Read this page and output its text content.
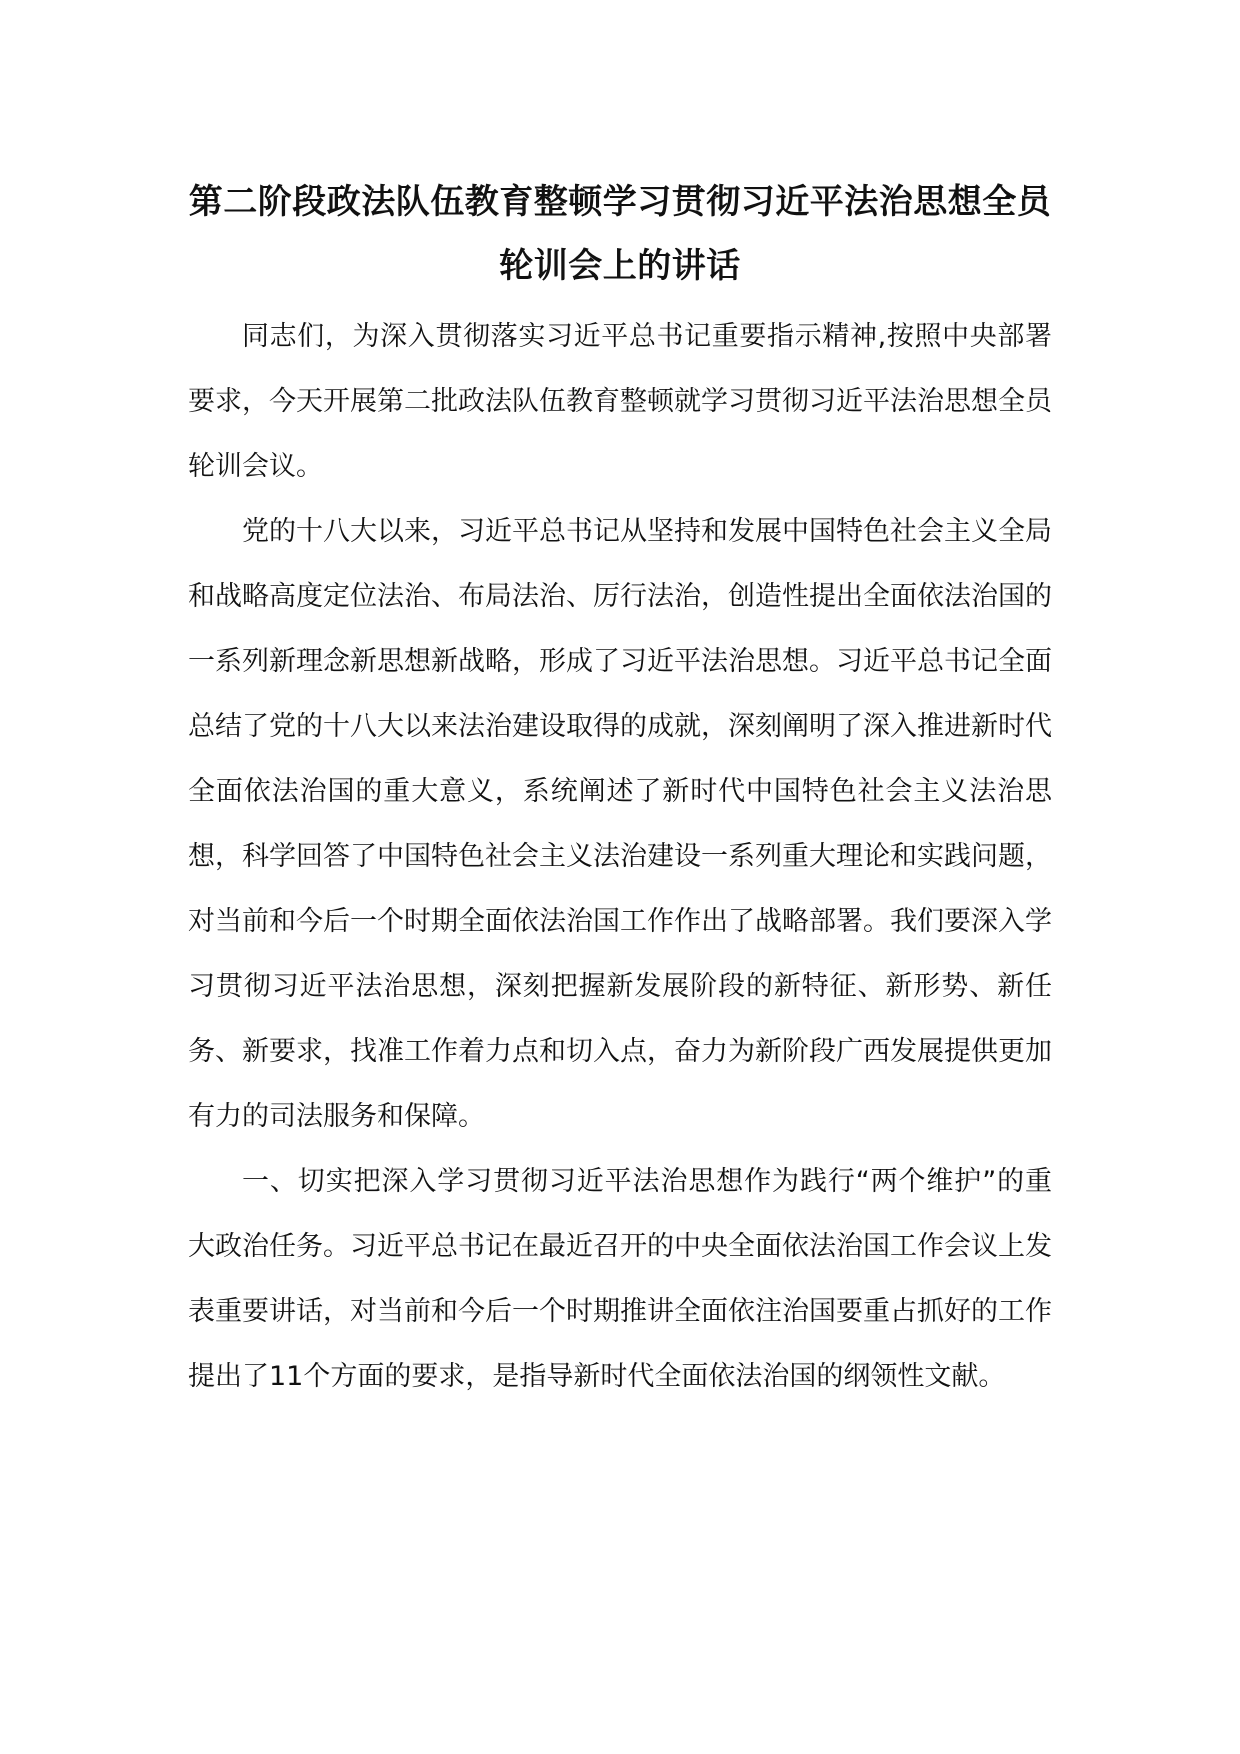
第二阶段政法队伍教育整顿学习贯彻习近平法治思想全员
轮训会上的讲话

同志们，为深入贯彻落实习近平总书记重要指示精神,按照中央部署要求，今天开展第二批政法队伍教育整顿就学习贯彻习近平法治思想全员轮训会议。

党的十八大以来，习近平总书记从坚持和发展中国特色社会主义全局和战略高度定位法治、布局法治、厉行法治，创造性提出全面依法治国的一系列新理念新思想新战略，形成了习近平法治思想。习近平总书记全面总结了党的十八大以来法治建设取得的成就，深刻阐明了深入推进新时代全面依法治国的重大意义，系统阐述了新时代中国特色社会主义法治思想，科学回答了中国特色社会主义法治建设一系列重大理论和实践问题，对当前和今后一个时期全面依法治国工作作出了战略部署。我们要深入学习贯彻习近平法治思想，深刻把握新发展阶段的新特征、新形势、新任务、新要求，找准工作着力点和切入点，奋力为新阶段广西发展提供更加有力的司法服务和保障。

一、切实把深入学习贯彻习近平法治思想作为践行“两个维护”的重大政治任务。习近平总书记在最近召开的中央全面依法治国工作会议上发表重要讲话，对当前和今后一个时期推讲全面依注治国要重占抓好的工作提出了11个方面的要求，是指导新时代全面依法治国的纲领性文献。
